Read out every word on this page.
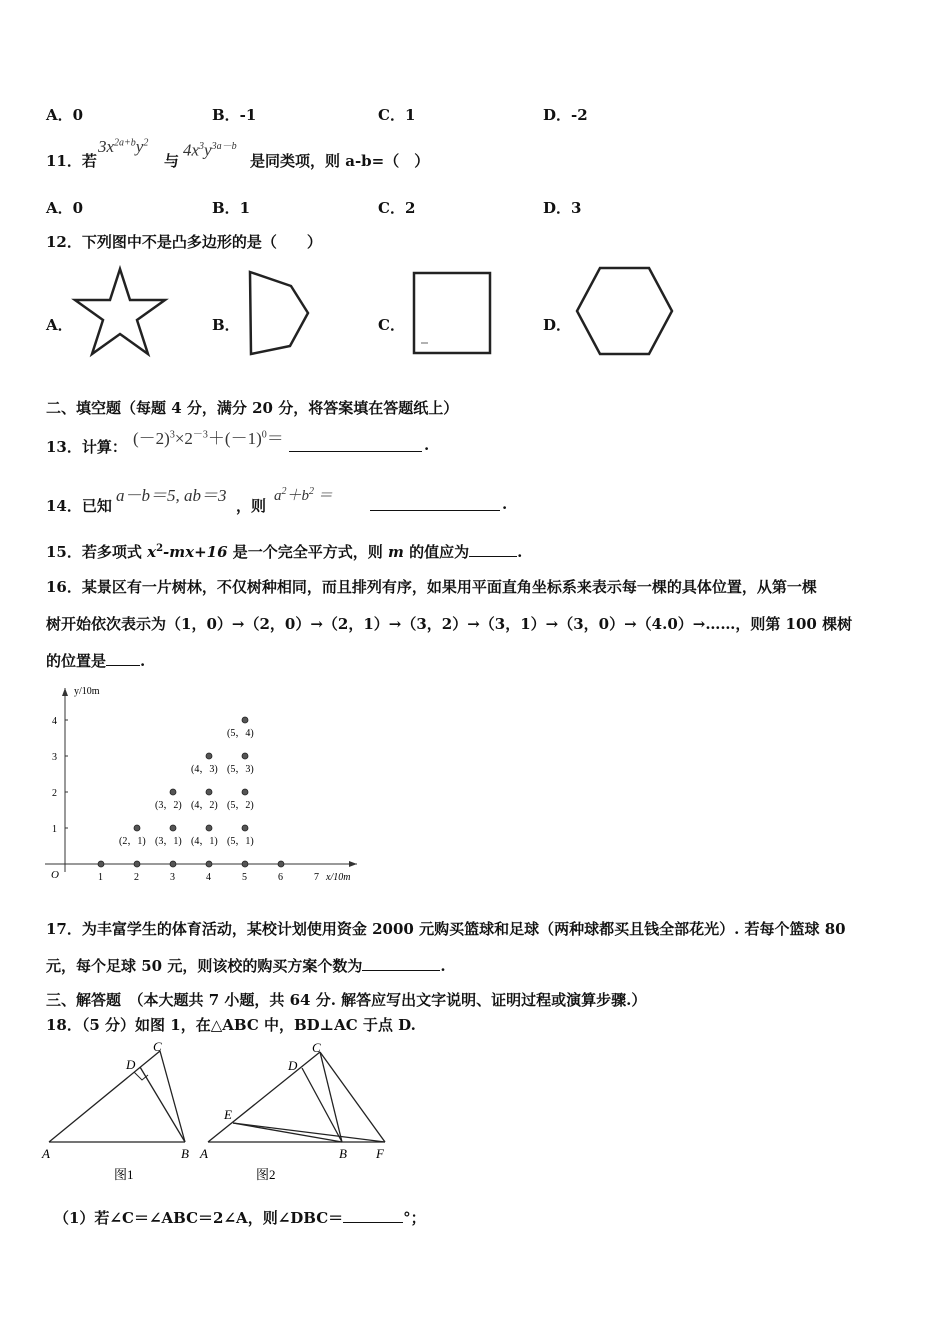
A．0	B．-1	C．1	D．-2
11．若
$3x^{2a+b}y^2$
与
$4x^3y^{3a-b}$
是同类项，则 a-b=（　）
A．0	B．1	C．2	D．3
12．下列图中不是凸多边形的是（　　）
A．	B．	C．	D．
二、填空题（每题 4 分，满分 20 分，将答案填在答题纸上）
13．计算： $(-2)^3\times 2^{-3}+(-1)^0=$	.
14．已知
a－b＝5, ab＝3
，则
$a^2+b^2$ ＝	.
15．若多项式 $x^2-mx+16$ 是一个完全平方式，则 m 的值应为	.
16．某景区有一片树林，不仅树种相同，而且排列有序，如果用平面直角坐标系来表示每一棵的具体位置，从第一棵
树开始依次表示为（1，0）→（2，0）→（2，1）→（3，2）→（3，1）→（3，0）→（4.0）→……，则第 100 棵树
的位置是 .
y/10m
x/10m
O	1	2	3	4	5	6	7
1
2
3
4
(2，1) (3，1) (4，1) (5，1)
(3，2) (4，2) (5，2)
(4，3) (5，3)
(5，4)
17．为丰富学生的体育活动，某校计划使用资金 2000 元购买篮球和足球（两种球都买且钱全部花光）. 若每个篮球 80
元，每个足球 50 元，则该校的购买方案个数为	.
三、解答题　（本大题共 7 小题，共 64 分. 解答应写出文字说明、证明过程或演算步骤.）
18．（5 分）如图 1，在△ABC 中，BD⊥AC 于点 D.
A	B
C
D
图1
A	B
C
D
E
F
图2
（1）若∠C＝∠ABC＝2∠A，则∠DBC＝	°；
